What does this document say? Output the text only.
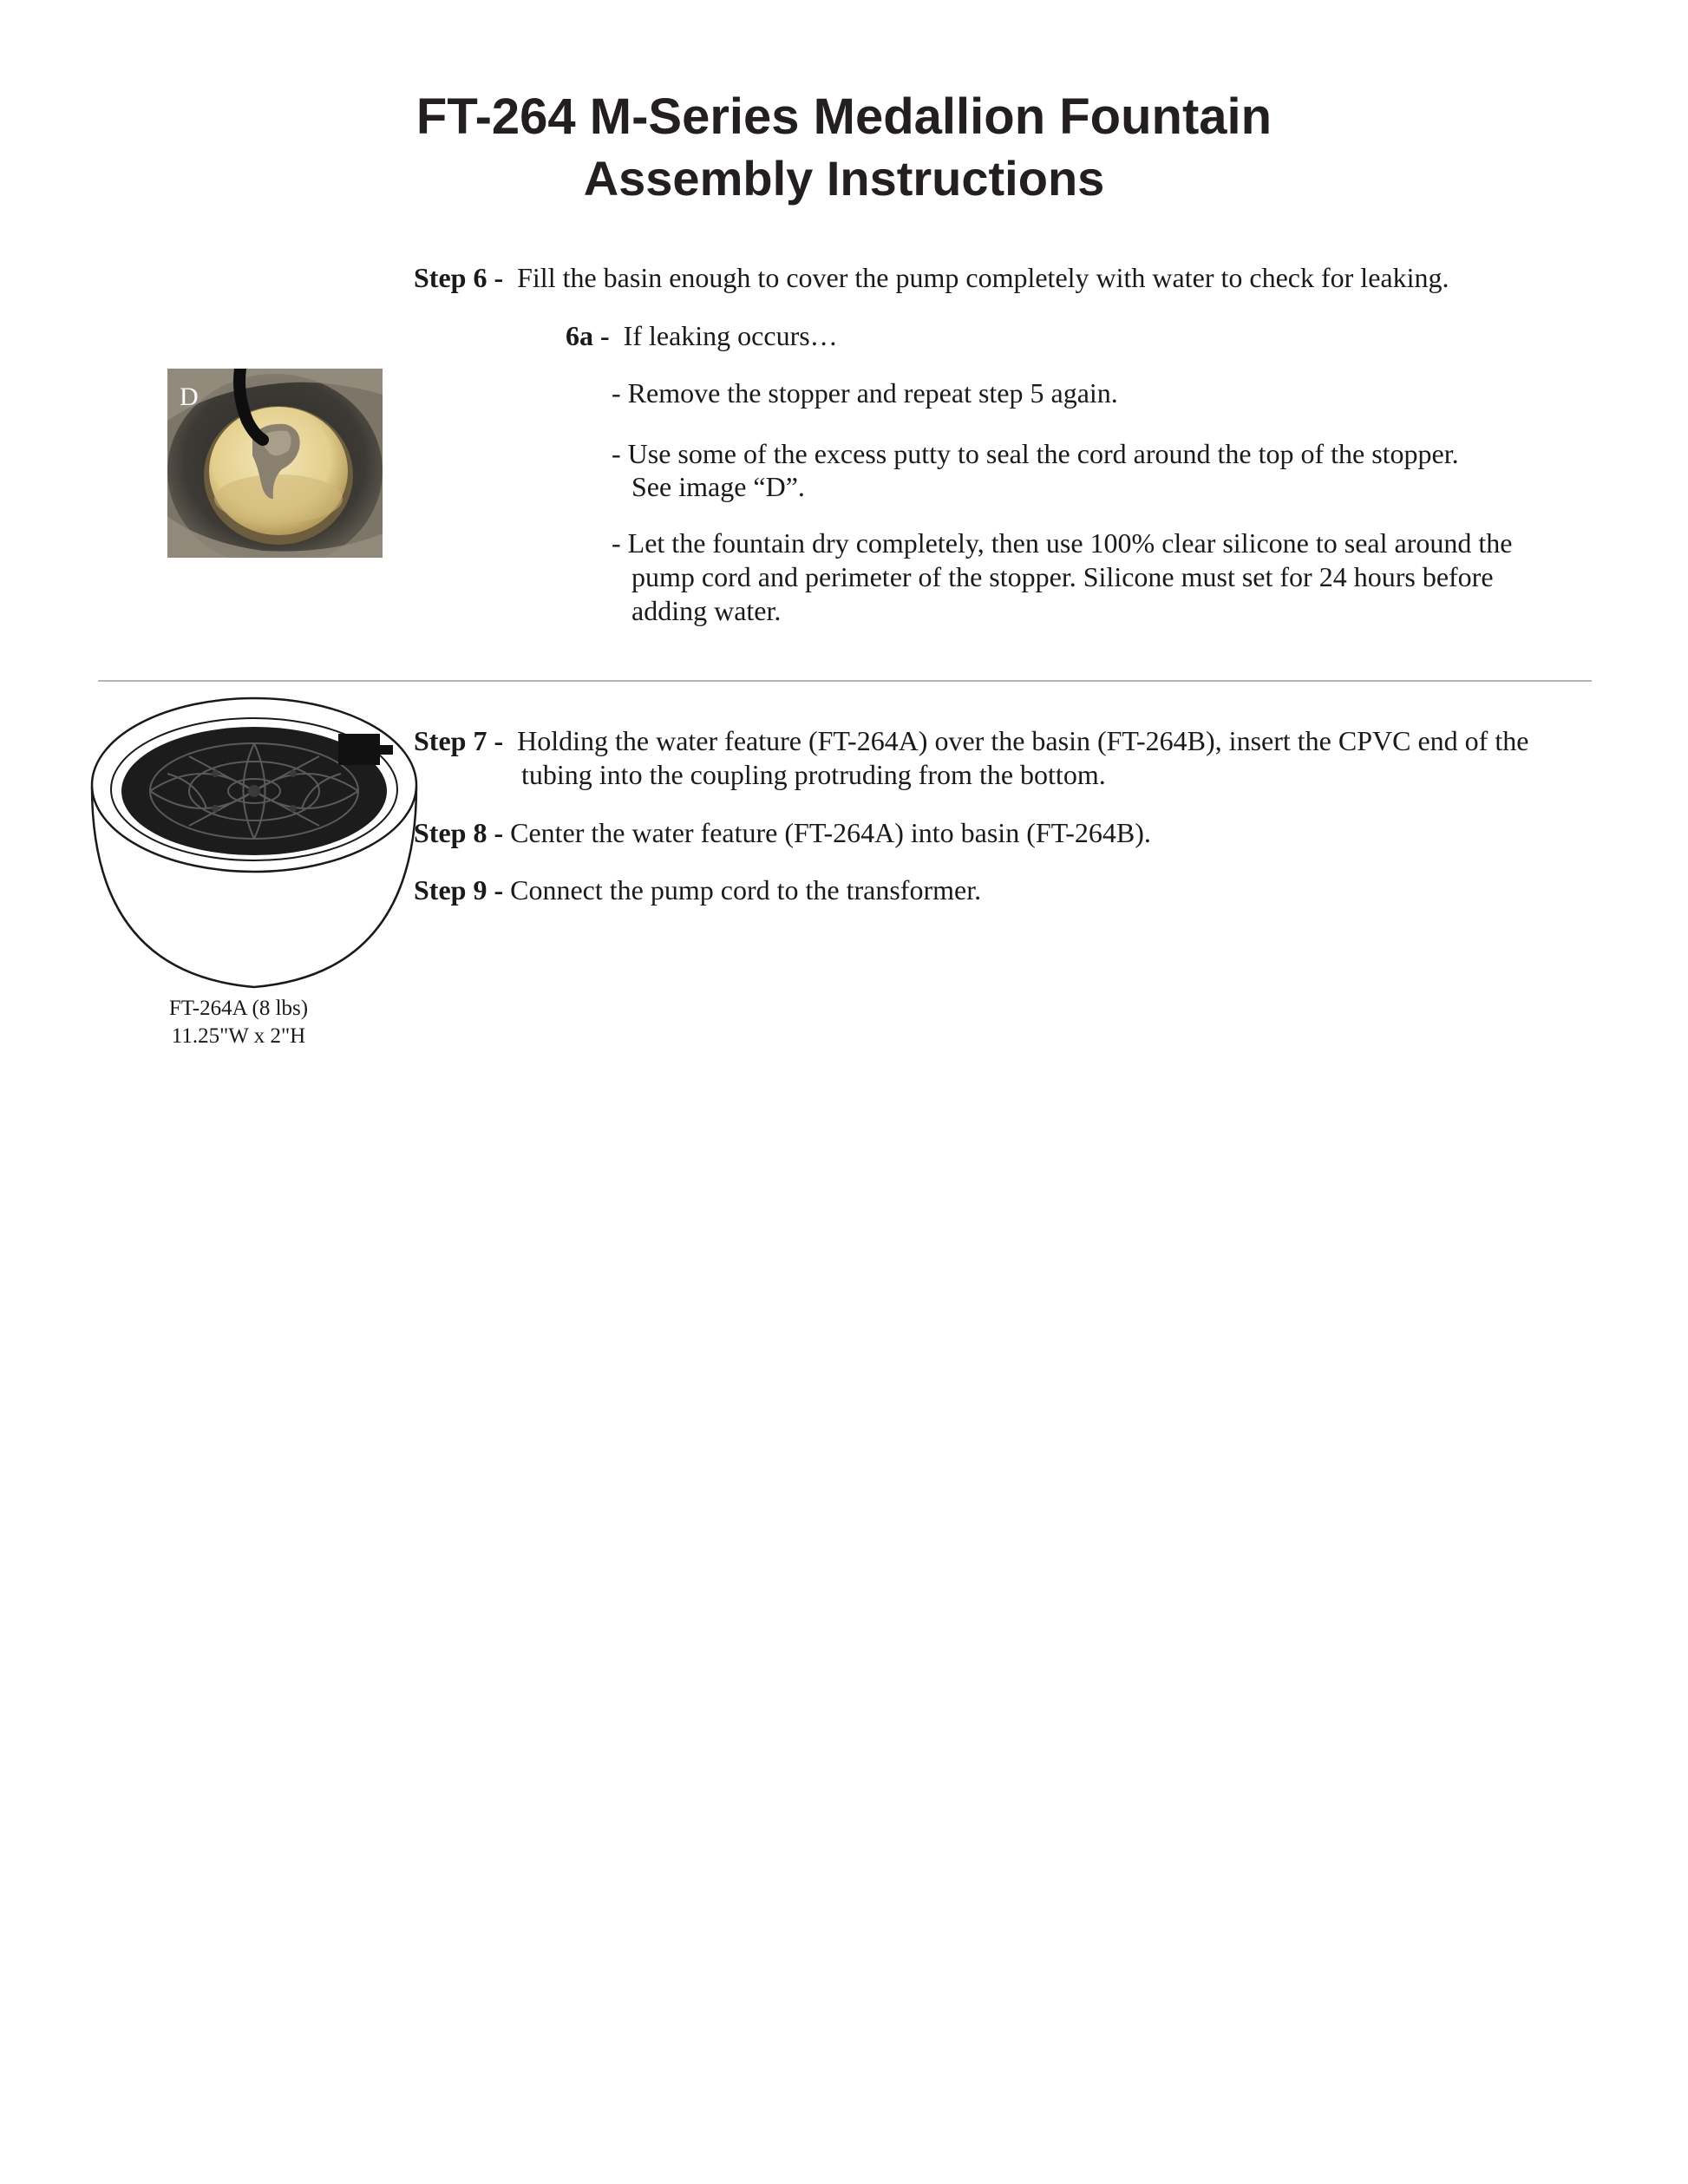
FT-264 M-Series Medallion Fountain
Assembly Instructions
Step 6 - Fill the basin enough to cover the pump completely with water to check for leaking.
6a - If leaking occurs…
- Remove the stopper and repeat step 5 again.
- Use some of the excess putty to seal the cord around the top of the stopper.
See image “D”.
- Let the fountain dry completely, then use 100% clear silicone to seal around the
pump cord and perimeter of the stopper. Silicone must set for 24 hours before
adding water.
D
FT-264A (8 lbs)
11.25"W x 2"H
Step 7 - Holding the water feature (FT-264A) over the basin (FT-264B), insert the CPVC end of the
tubing into the coupling protruding from the bottom.
Step 8 - Center the water feature (FT-264A) into basin (FT-264B).
Step 9 - Connect the pump cord to the transformer.
